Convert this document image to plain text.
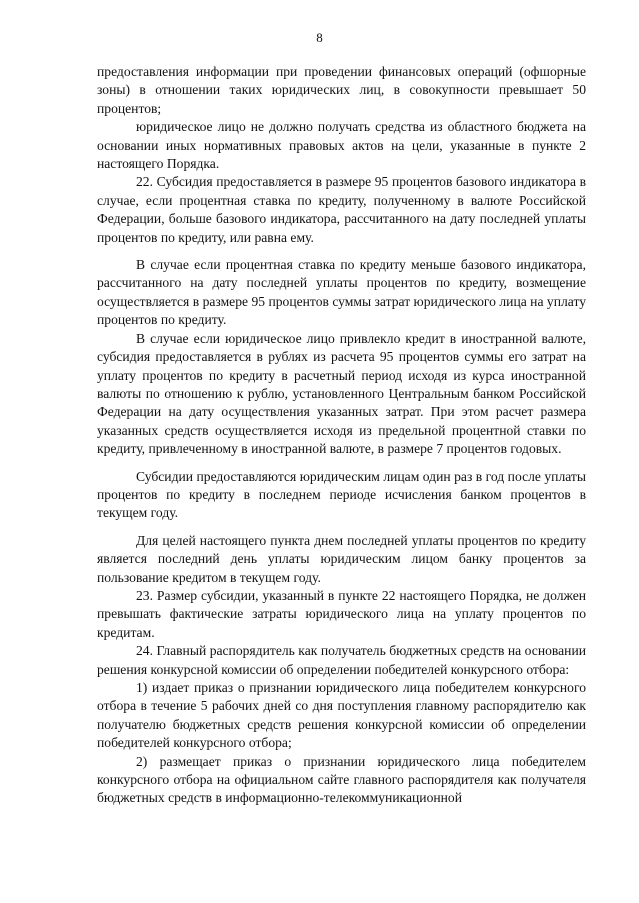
8

предоставления информации при проведении финансовых операций (офшорные зоны) в отношении таких юридических лиц, в совокупности превышает 50 процентов;

юридическое лицо не должно получать средства из областного бюджета на основании иных нормативных правовых актов на цели, указанные в пункте 2 настоящего Порядка.

22. Субсидия предоставляется в размере 95 процентов базового индикатора в случае, если процентная ставка по кредиту, полученному в валюте Российской Федерации, больше базового индикатора, рассчитанного на дату последней уплаты процентов по кредиту, или равна ему.

В случае если процентная ставка по кредиту меньше базового индикатора, рассчитанного на дату последней уплаты процентов по кредиту, возмещение осуществляется в размере 95 процентов суммы затрат юридического лица на уплату процентов по кредиту.

В случае если юридическое лицо привлекло кредит в иностранной валюте, субсидия предоставляется в рублях из расчета 95 процентов суммы его затрат на уплату процентов по кредиту в расчетный период исходя из курса иностранной валюты по отношению к рублю, установленного Центральным банком Российской Федерации на дату осуществления указанных затрат. При этом расчет размера указанных средств осуществляется исходя из предельной процентной ставки по кредиту, привлеченному в иностранной валюте, в размере 7 процентов годовых.

Субсидии предоставляются юридическим лицам один раз в год после уплаты процентов по кредиту в последнем периоде исчисления банком процентов в текущем году.

Для целей настоящего пункта днем последней уплаты процентов по кредиту является последний день уплаты юридическим лицом банку процентов за пользование кредитом в текущем году.

23. Размер субсидии, указанный в пункте 22 настоящего Порядка, не должен превышать фактические затраты юридического лица на уплату процентов по кредитам.

24. Главный распорядитель как получатель бюджетных средств на основании решения конкурсной комиссии об определении победителей конкурсного отбора:

1) издает приказ о признании юридического лица победителем конкурсного отбора в течение 5 рабочих дней со дня поступления главному распорядителю как получателю бюджетных средств решения конкурсной комиссии об определении победителей конкурсного отбора;

2) размещает приказ о признании юридического лица победителем конкурсного отбора на официальном сайте главного распорядителя как получателя бюджетных средств в информационно-телекоммуникационной
